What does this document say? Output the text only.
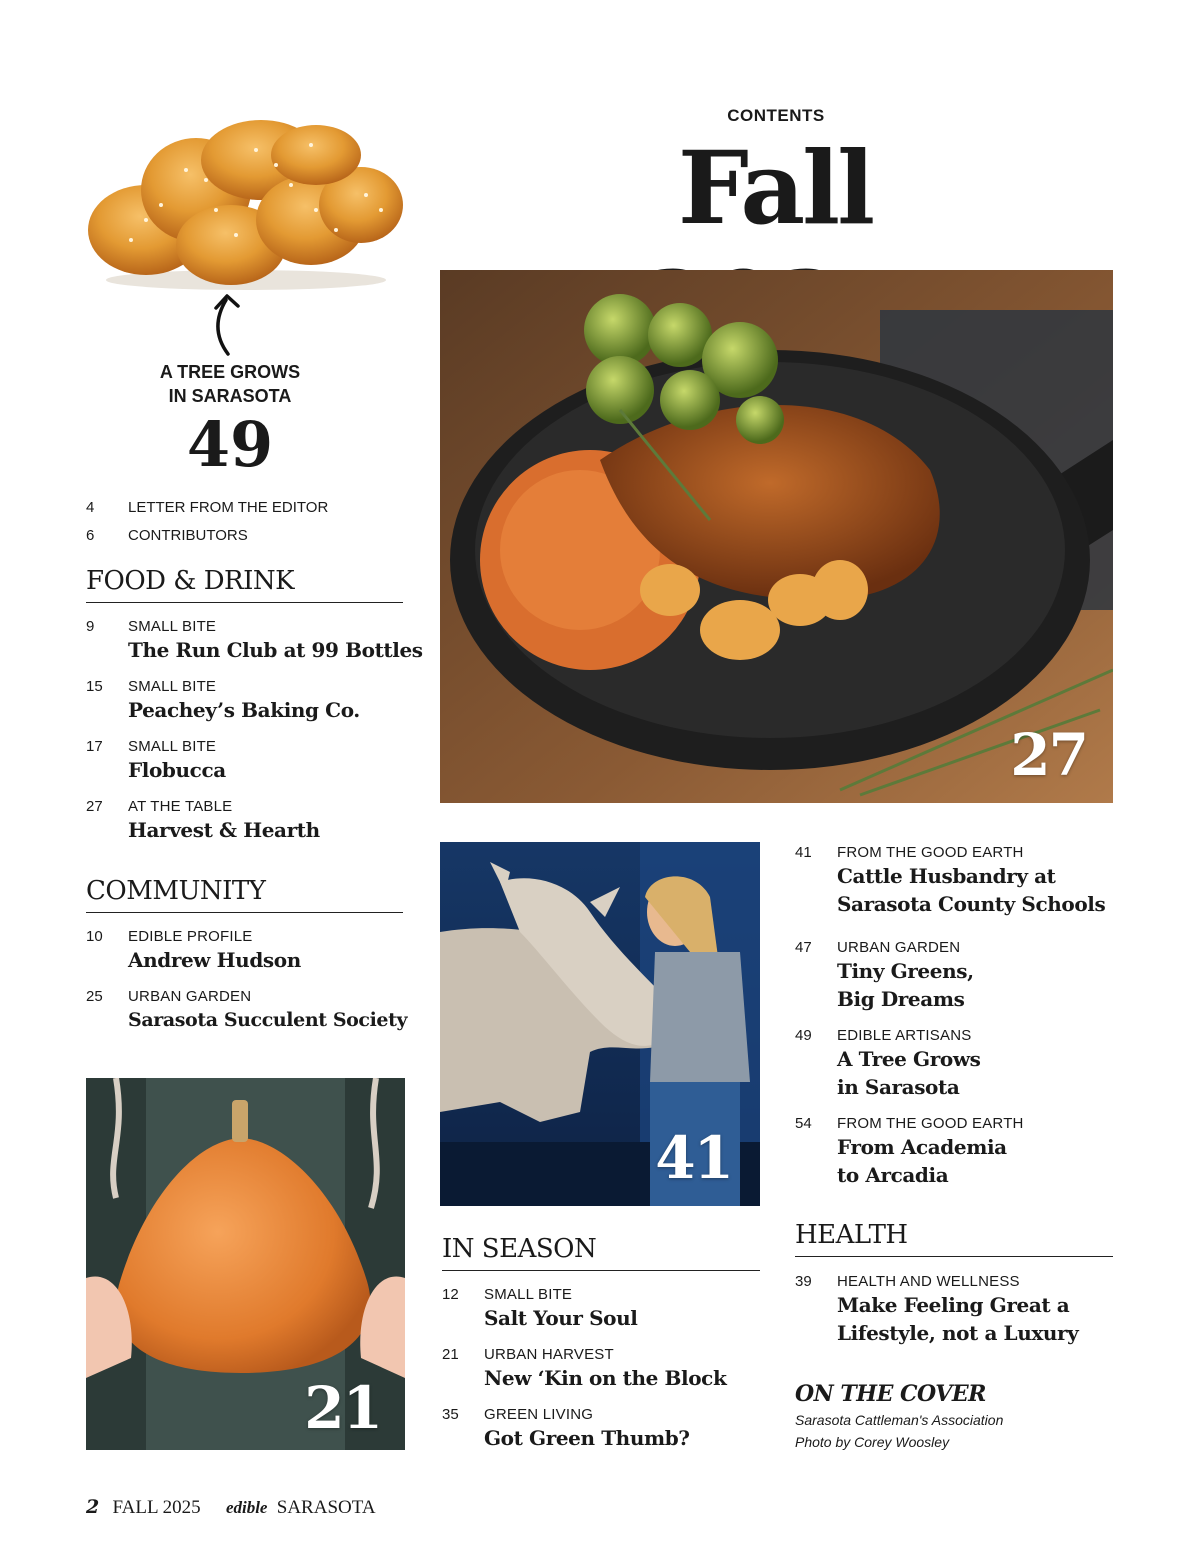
CONTENTS
Fall
A TREE GROWS
IN SARASOTA
49
4 LETTER FROM THE EDITOR
6 CONTRIBUTORS
FOOD & DRINK
9 SMALL BITE
The Run Club at 99 Bottles
15 SMALL BITE
Peachey’s Baking Co.
17 SMALL BITE
Flobucca
27 AT THE TABLE
Harvest & Hearth
COMMUNITY
10 EDIBLE PROFILE
Andrew Hudson
25 URBAN GARDEN
Sarasota Succulent Society
27
41
21
41 FROM THE GOOD EARTH
Cattle Husbandry at
Sarasota County Schools
47 URBAN GARDEN
Tiny Greens,
Big Dreams
49 EDIBLE ARTISANS
A Tree Grows
in Sarasota
54 FROM THE GOOD EARTH
From Academia
to Arcadia
HEALTH
39 HEALTH AND WELLNESS
Make Feeling Great a
Lifestyle, not a Luxury
IN SEASON
12 SMALL BITE
Salt Your Soul
21 URBAN HARVEST
New ‘Kin on the Block
35 GREEN LIVING
Got Green Thumb?
ON THE COVER
Sarasota Cattleman's Association
Photo by Corey Woosley
2 FALL 2025 edible SARASOTA
